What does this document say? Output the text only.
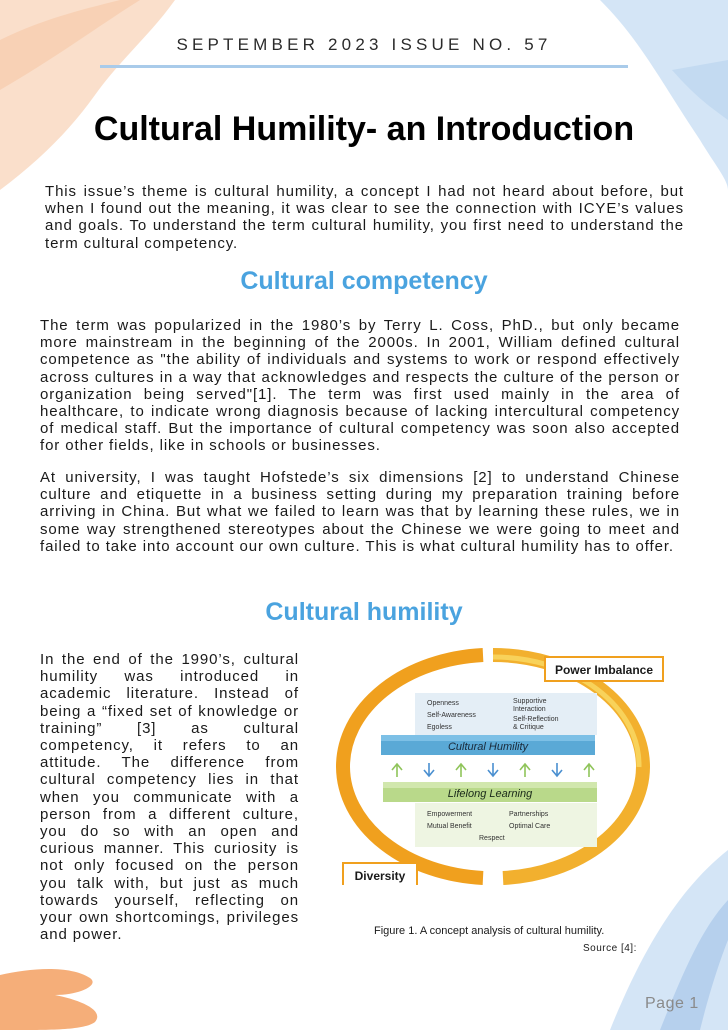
SEPTEMBER 2023 ISSUE NO. 57
Cultural Humility- an Introduction

This issue’s theme is cultural humility, a concept I had not heard about before, but when I found out the meaning, it was clear to see the connection with ICYE’s values and goals. To understand the term cultural humility, you first need to understand the term cultural competency.

Cultural competency

The term was popularized in the 1980’s by Terry L. Coss, PhD., but only became more mainstream in the beginning of the 2000s. In 2001, William defined cultural competence as "the ability of individuals and systems to work or respond effectively across cultures in a way that acknowledges and respects the culture of the person or organization being served"[1]. The term was first used mainly in the area of healthcare, to indicate wrong diagnosis because of lacking intercultural competency of medical staff. But the importance of cultural competency was soon also accepted for other fields, like in schools or businesses.

At university, I was taught Hofstede’s six dimensions [2] to understand Chinese culture and etiquette in a business setting during my preparation training before arriving in China. But what we failed to learn was that by learning these rules, we in some way strengthened stereotypes about the Chinese we were going to meet and failed to take into account our own culture. This is what cultural humility has to offer.

Cultural humility

In the end of the 1990’s, cultural humility was introduced in academic literature. Instead of being a “fixed set of knowledge or training” [3] as cultural competency, it refers to an attitude. The difference from cultural competency lies in that when you communicate with a person from a different culture, you do so with an open and curious manner. This curiosity is not only focused on the person you talk with, but just as much towards yourself, reflecting on your own shortcomings, privileges and power.

Power Imbalance
Diversity
Openness
Self-Awareness
Egoless
Supportive
Interaction
Self-Reflection
& Critique
Cultural Humility
Lifelong Learning
Empowerment
Mutual Benefit
Partnerships
Optimal Care
Respect
Figure 1. A concept analysis of cultural humility.
Source [4]:
Page 1
